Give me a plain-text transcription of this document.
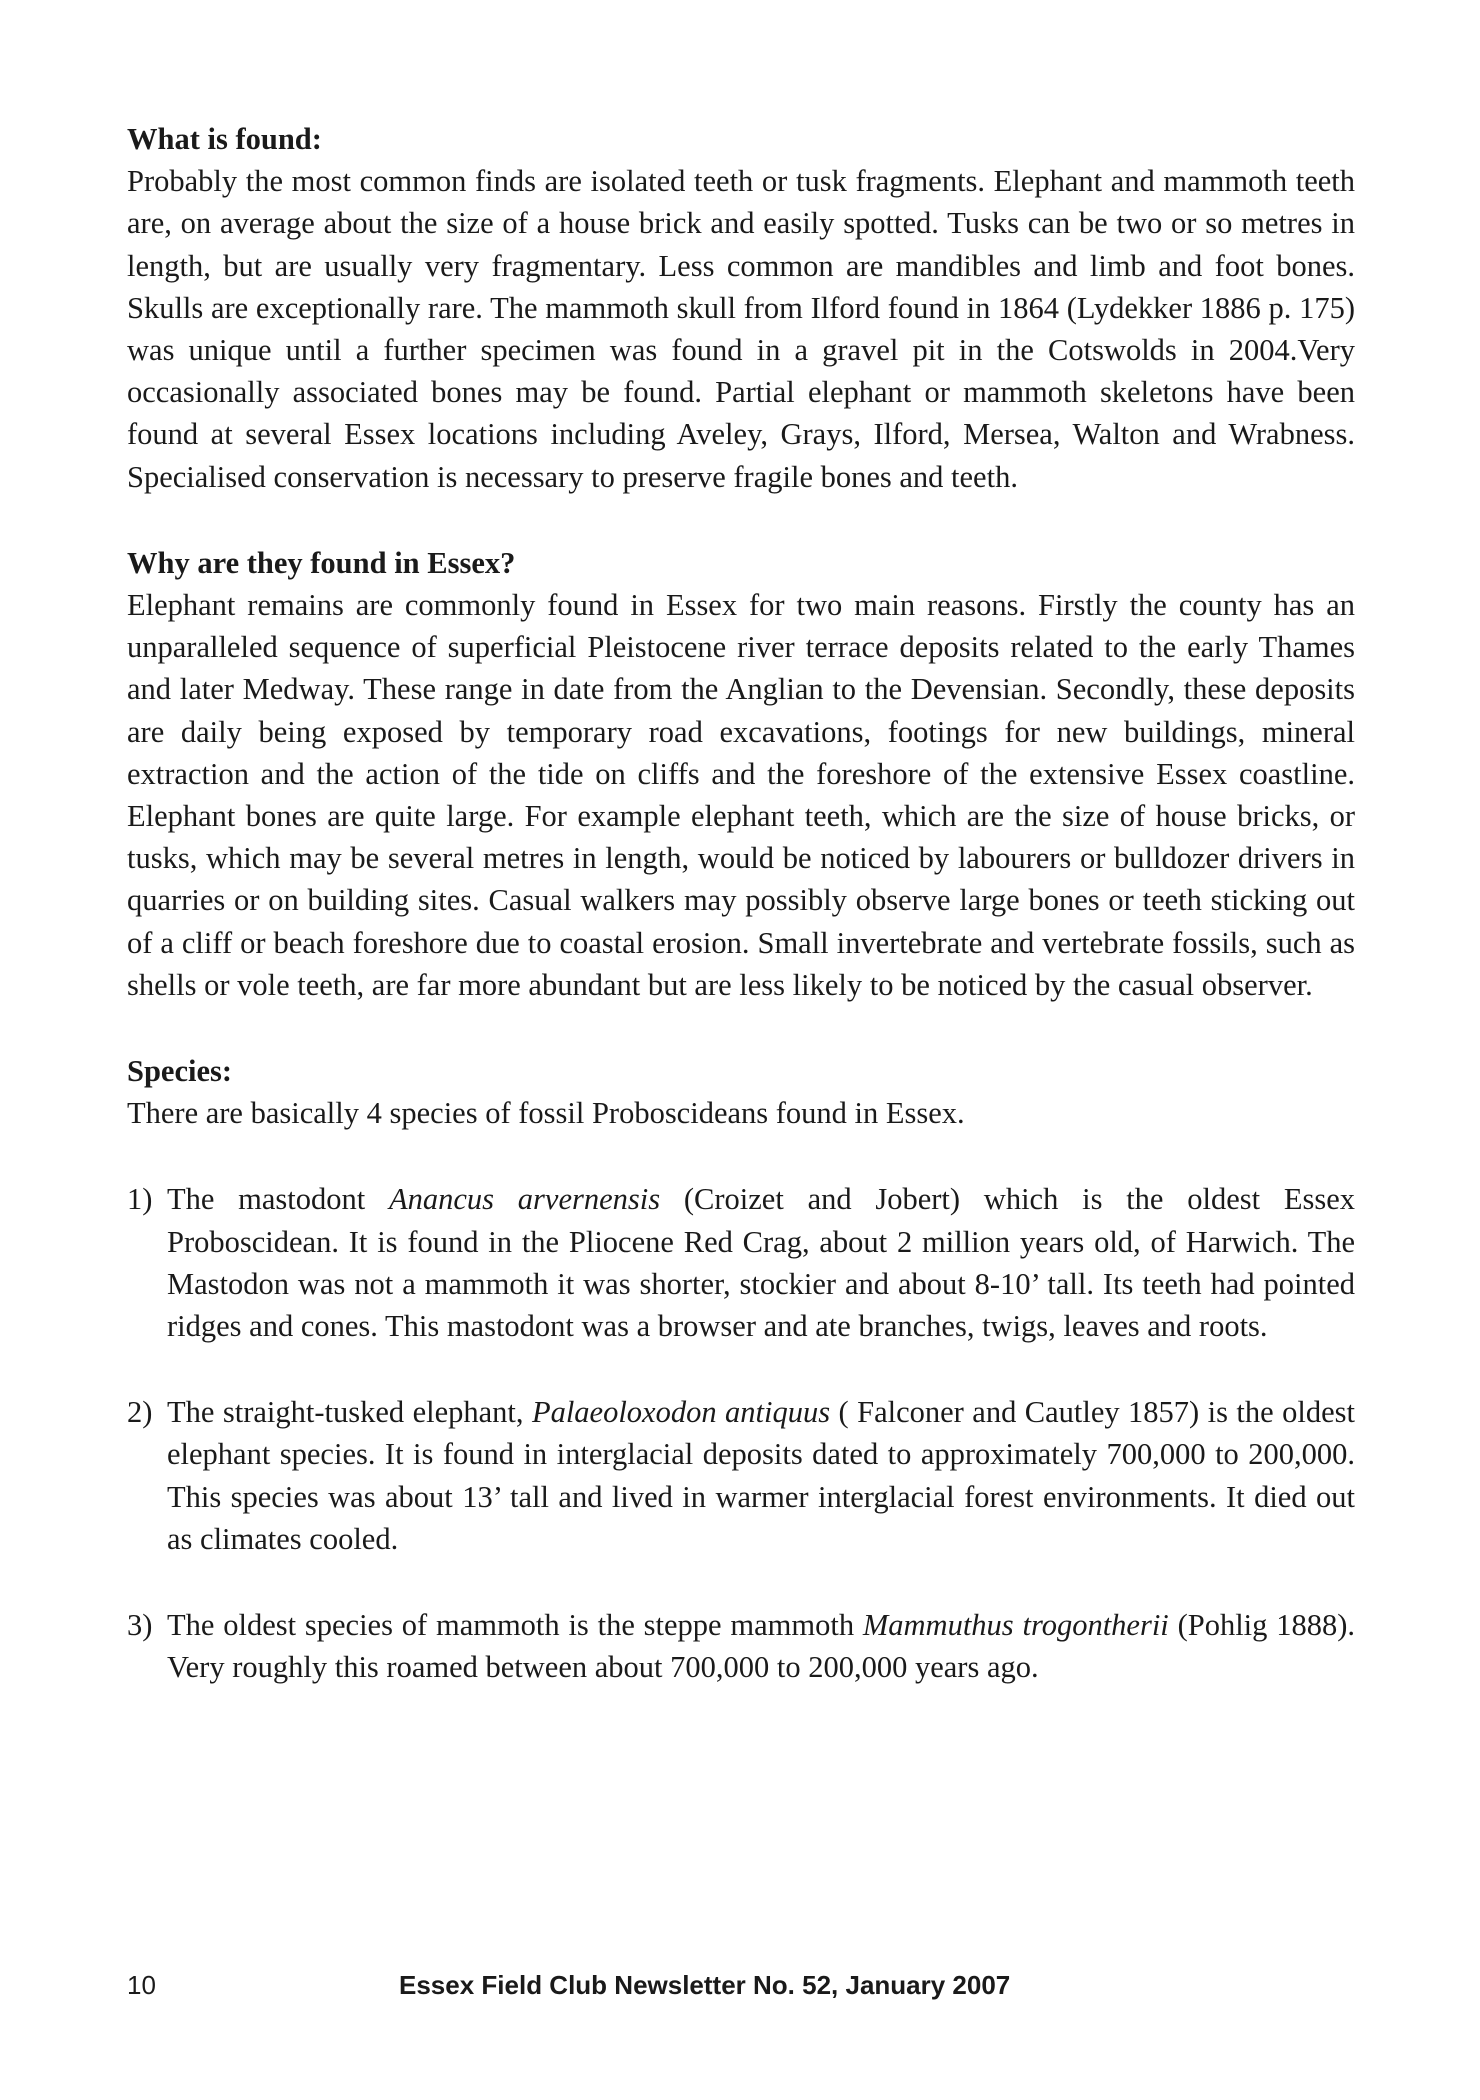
What is found:

Probably the most common finds are isolated teeth or tusk fragments. Elephant and mammoth teeth are, on average about the size of a house brick and easily spotted. Tusks can be two or so metres in length, but are usually very fragmentary. Less common are mandibles and limb and foot bones. Skulls are exceptionally rare. The mammoth skull from Ilford found in 1864 (Lydekker 1886 p. 175) was unique until a further specimen was found in a gravel pit in the Cotswolds in 2004.Very occasionally associated bones may be found. Partial elephant or mammoth skeletons have been found at several Essex locations including Aveley, Grays, Ilford, Mersea, Walton and Wrabness. Specialised conservation is necessary to preserve fragile bones and teeth.

Why are they found in Essex?

Elephant remains are commonly found in Essex for two main reasons. Firstly the county has an unparalleled sequence of superficial Pleistocene river terrace deposits related to the early Thames and later Medway. These range in date from the Anglian to the Devensian. Secondly, these deposits are daily being exposed by temporary road excavations, footings for new buildings, mineral extraction and the action of the tide on cliffs and the foreshore of the extensive Essex coastline. Elephant bones are quite large. For example elephant teeth, which are the size of house bricks, or tusks, which may be several metres in length, would be noticed by labourers or bulldozer drivers in quarries or on building sites. Casual walkers may possibly observe large bones or teeth sticking out of a cliff or beach foreshore due to coastal erosion. Small invertebrate and vertebrate fossils, such as shells or vole teeth, are far more abundant but are less likely to be noticed by the casual observer.

Species:

There are basically 4 species of fossil Proboscideans found in Essex.

1) The mastodont Anancus arvernensis (Croizet and Jobert) which is the oldest Essex Proboscidean. It is found in the Pliocene Red Crag, about 2 million years old, of Harwich. The Mastodon was not a mammoth it was shorter, stockier and about 8-10’ tall. Its teeth had pointed ridges and cones. This mastodont was a browser and ate branches, twigs, leaves and roots.
2) The straight-tusked elephant, Palaeoloxodon antiquus ( Falconer and Cautley 1857) is the oldest elephant species. It is found in interglacial deposits dated to approximately 700,000 to 200,000. This species was about 13’ tall and lived in warmer interglacial forest environments. It died out as climates cooled.
3) The oldest species of mammoth is the steppe mammoth Mammuthus trogontherii (Pohlig 1888). Very roughly this roamed between about 700,000 to 200,000 years ago.
10	Essex Field Club Newsletter No. 52, January 2007
